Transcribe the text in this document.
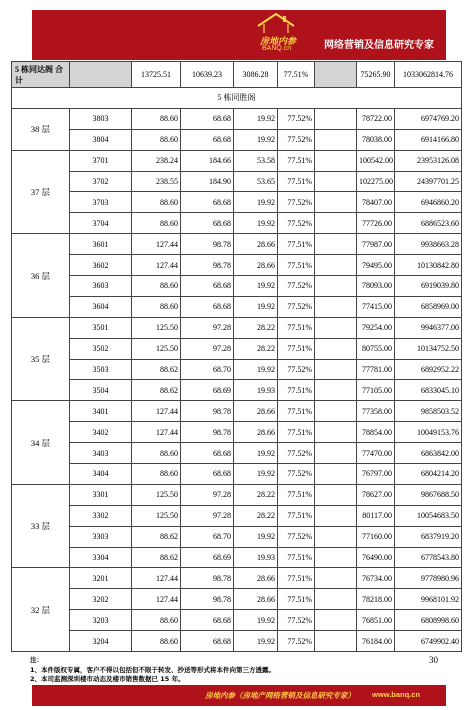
房地内参
BANQ.cn	网络营销及信息研究专家
5 栋同达阁 合计		13725.51	10639.23	3086.28	77.51%		75265.90	1033062814.76
5 栋同胜阁								
38 层	3803	88.60	68.68	19.92	77.52%		78722.00	6974769.20
	3804	88.60	68.68	19.92	77.52%		78038.00	6914166.80
37 层	3701	238.24	184.66	53.58	77.51%		100542.00	23953126.08
	3702	238.55	184.90	53.65	77.51%		102275.00	24397701.25
	3703	88.60	68.68	19.92	77.52%		78407.00	6946860.20
	3704	88.60	68.68	19.92	77.52%		77726.00	6886523.60
36 层	3601	127.44	98.78	28.66	77.51%		77987.00	9938663.28
	3602	127.44	98.78	28.66	77.51%		79495.00	10130842.80
	3603	88.60	68.68	19.92	77.52%		78093.00	6919039.80
	3604	88.60	68.68	19.92	77.52%		77415.00	6858969.00
35 层	3501	125.50	97.28	28.22	77.51%		79254.00	9946377.00
	3502	125.50	97.28	28.22	77.51%		80755.00	10134752.50
	3503	88.62	68.70	19.92	77.52%		77781.00	6892952.22
	3504	88.62	68.69	19.93	77.51%		77105.00	6833045.10
34 层	3401	127.44	98.78	28.66	77.51%		77358.00	9858503.52
	3402	127.44	98.78	28.66	77.51%		78854.00	10049153.76
	3403	88.60	68.68	19.92	77.52%		77470.00	6863842.00
	3404	88.60	68.68	19.92	77.52%		76797.00	6804214.20
33 层	3301	125.50	97.28	28.22	77.51%		78627.00	9867688.50
	3302	125.50	97.28	28.22	77.51%		80117.00	10054683.50
	3303	88.62	68.70	19.92	77.52%		77160.00	6837919.20
	3304	88.62	68.69	19.93	77.51%		76490.00	6778543.80
32 层	3201	127.44	98.78	28.66	77.51%		76734.00	9778980.96
	3202	127.44	98.78	28.66	77.51%		78218.00	9968101.92
	3203	88.60	68.68	19.92	77.52%		76851.00	6808998.60
	3204	88.60	68.68	19.92	77.52%		76184.00	6749902.40
30
注：
1、本件版权专属，客户不得以包括但不限于转发、抄送等形式将本件向第三方透露。
2、本司监测深圳楼市动态及楼市销售数据已 15 年。
房地内参（房地产网络营销及信息研究专家） www.banq.cn
